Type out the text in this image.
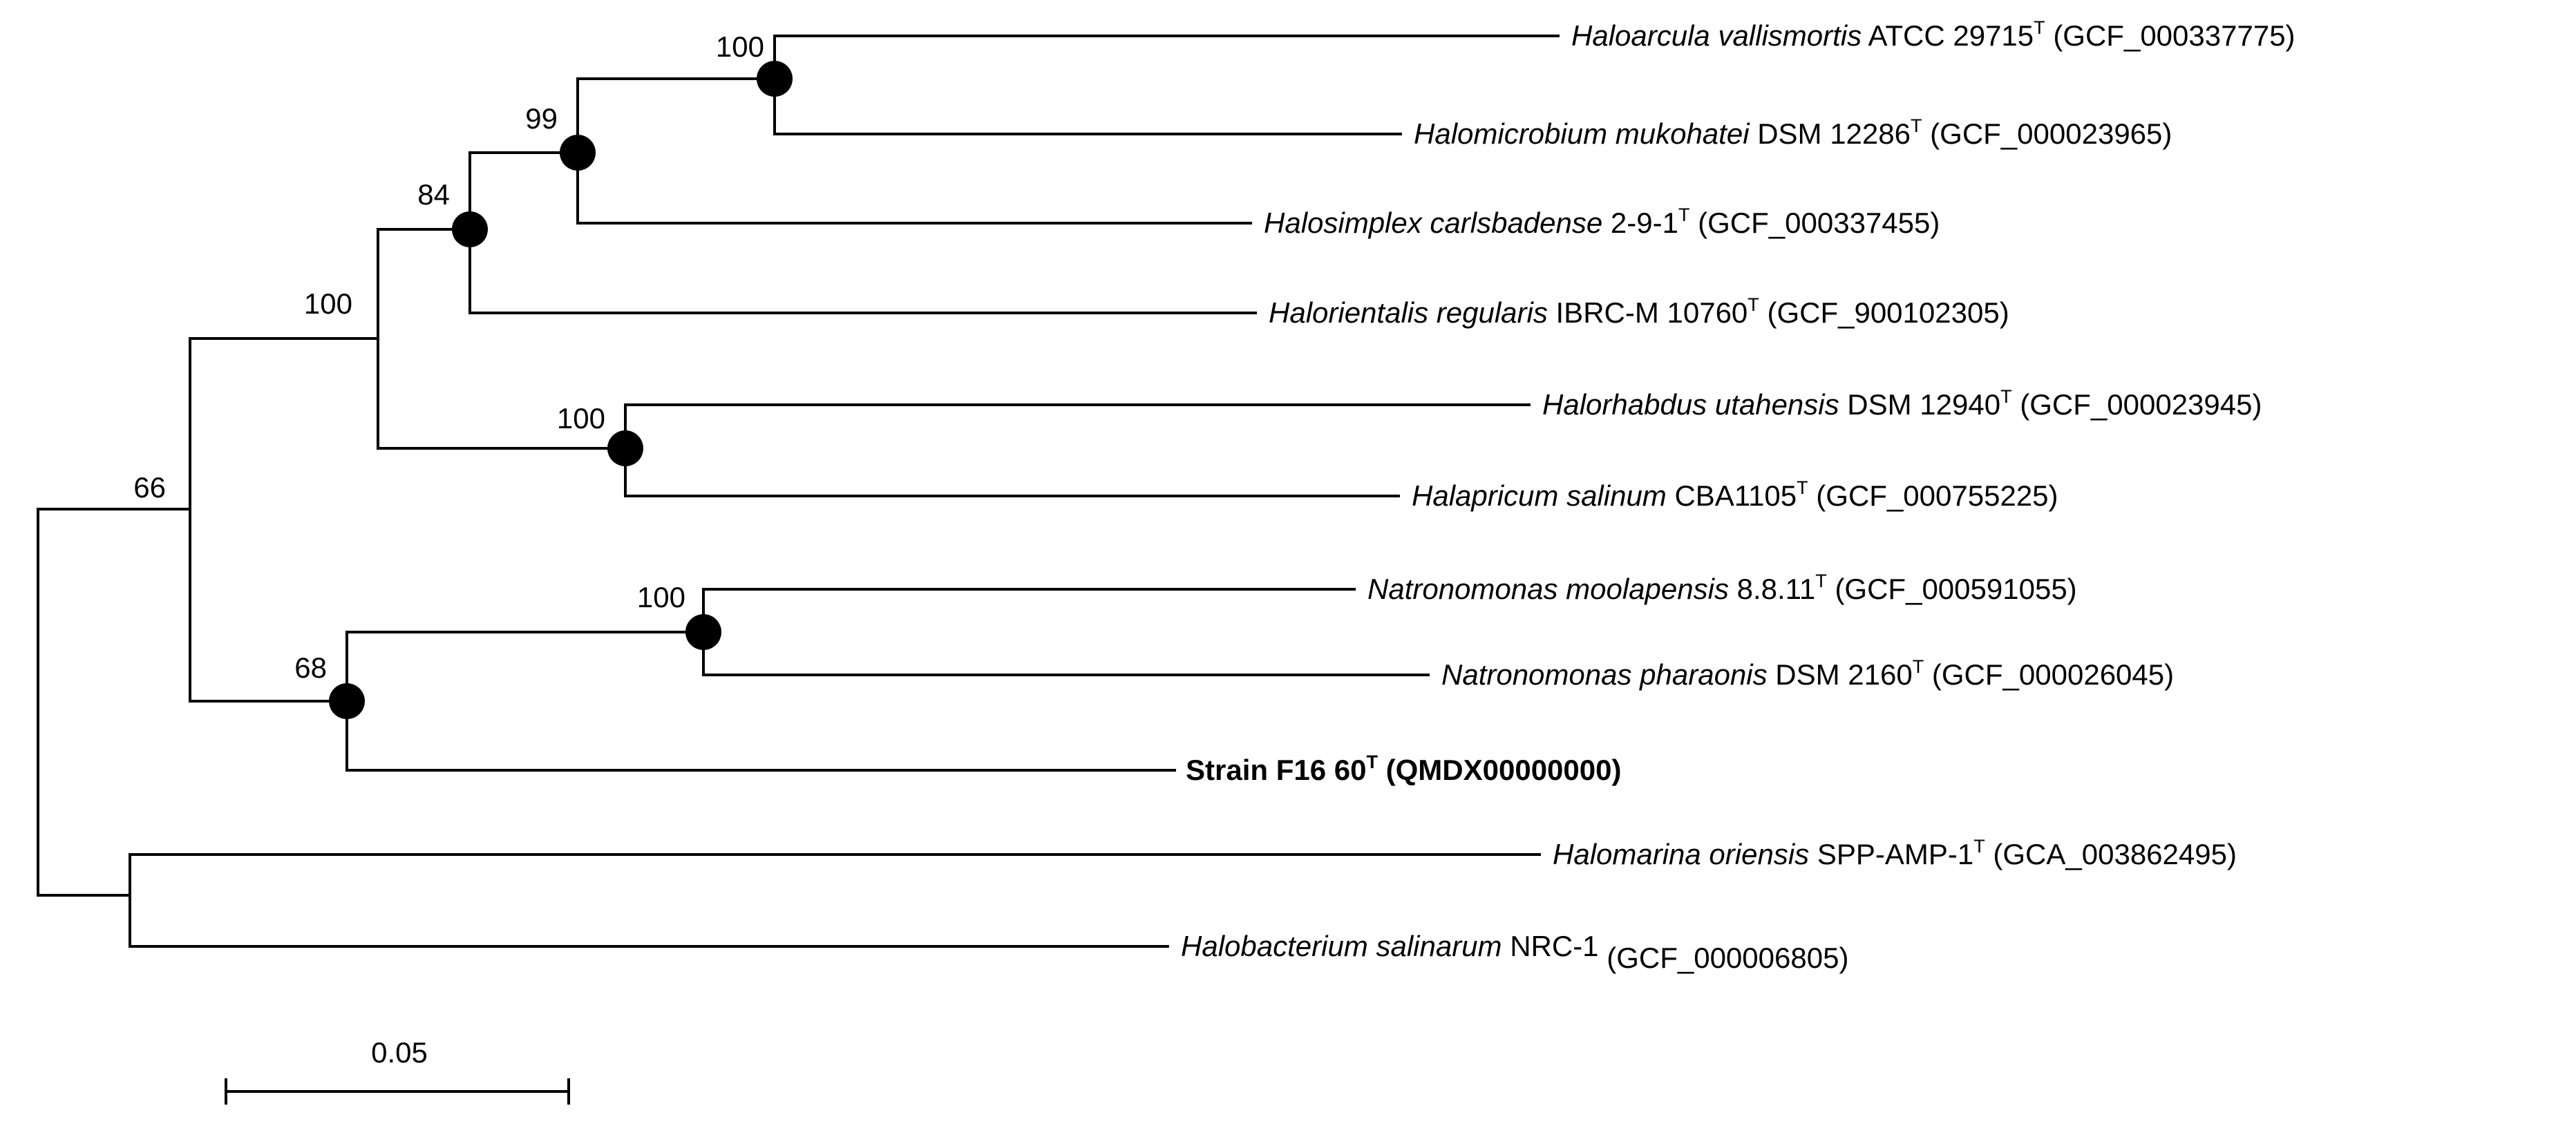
100
99
84
100
100
66
100
68
Haloarcula vallismortis ATCC $29715^T$ (GCF_000337775)
Halomicrobium mukohatei DSM $12286^T$ (GCF_000023965)
Halosimplex carlsbadense $2-9-1^T$ (GCF_000337455)
Halorientalis regularis IBRC-M $10760^T$ (GCF_900102305)
Halorhabdus utahensis DSM $12940^T$ (GCF_000023945)
Halapricum salinum $CBA1105^T$ (GCF_000755225)
Natronomonas moolapensis $8.8.11^T$ (GCF_000591055)
Natronomonas pharaonis DSM $2160^T$ (GCF_000026045)
Strain F16 $60^T$ (QMDX00000000)
Halomarina oriensis SPP-$AMP-1^T$ (GCA_003862495)
Halobacterium salinarum NRC-1 (GCF_000006805)
0.05
